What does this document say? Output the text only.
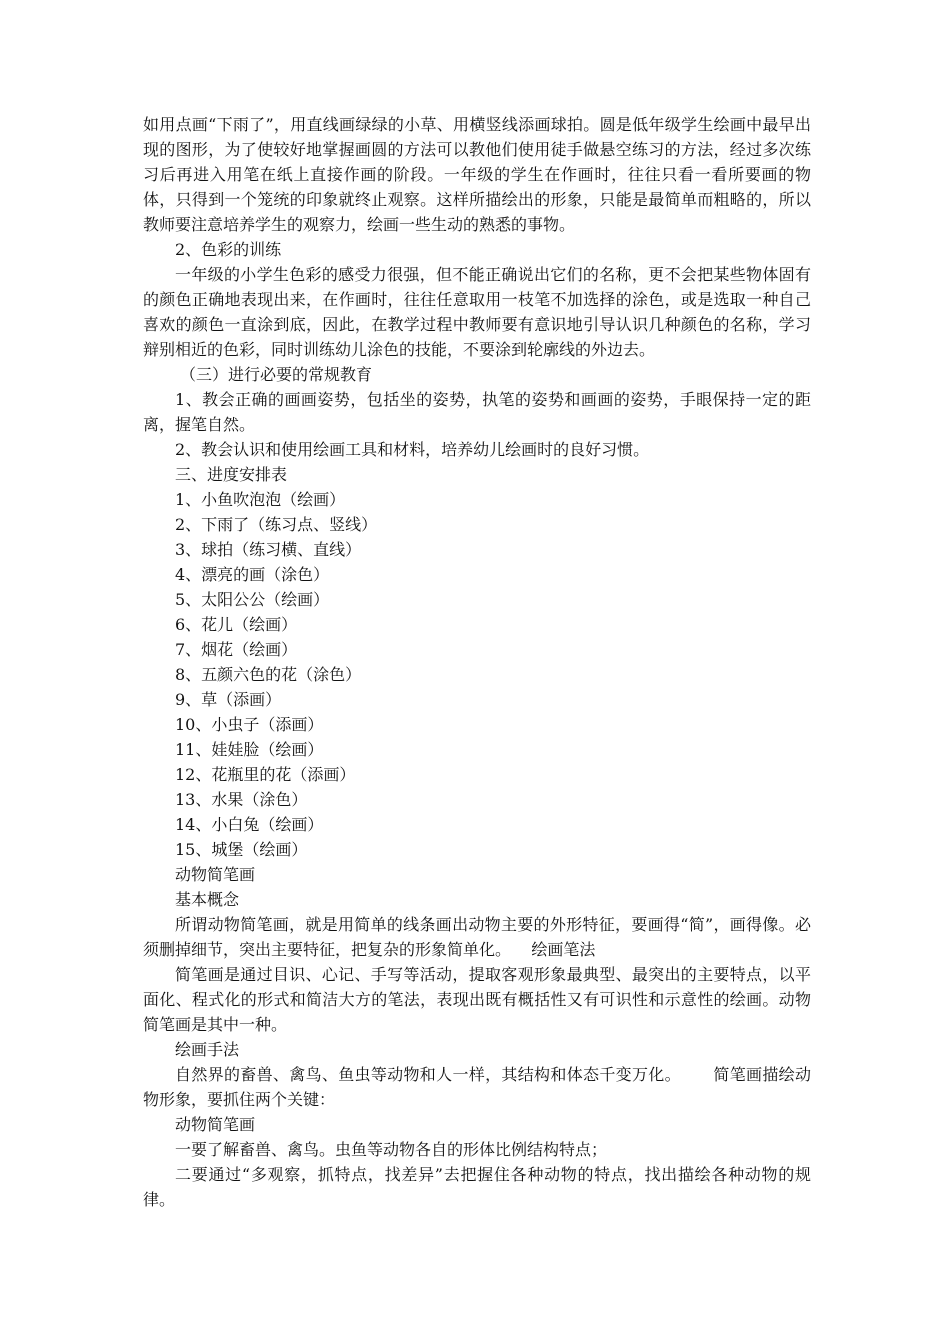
如用点画“下雨了”，用直线画绿绿的小草、用横竖线添画球拍。圆是低年级学生绘画中最早出现的图形，为了使较好地掌握画圆的方法可以教他们使用徒手做悬空练习的方法，经过多次练习后再进入用笔在纸上直接作画的阶段。一年级的学生在作画时，往往只看一看所要画的物体，只得到一个笼统的印象就终止观察。这样所描绘出的形象，只能是最简单而粗略的，所以教师要注意培养学生的观察力，绘画一些生动的熟悉的事物。

2、色彩的训练

一年级的小学生色彩的感受力很强，但不能正确说出它们的名称，更不会把某些物体固有的颜色正确地表现出来，在作画时，往往任意取用一枝笔不加选择的涂色，或是选取一种自己喜欢的颜色一直涂到底，因此，在教学过程中教师要有意识地引导认识几种颜色的名称，学习辩别相近的色彩，同时训练幼儿涂色的技能，不要涂到轮廓线的外边去。

（三）进行必要的常规教育

1、教会正确的画画姿势，包括坐的姿势，执笔的姿势和画画的姿势，手眼保持一定的距离，握笔自然。

2、教会认识和使用绘画工具和材料，培养幼儿绘画时的良好习惯。

三、进度安排表

1、小鱼吹泡泡（绘画）

2、下雨了（练习点、竖线）

3、球拍（练习横、直线）

4、漂亮的画（涂色）

5、太阳公公（绘画）

6、花儿（绘画）

7、烟花（绘画）

8、五颜六色的花（涂色）

9、草（添画）

10、小虫子（添画）

11、娃娃脸（绘画）

12、花瓶里的花（添画）

13、水果（涂色）

14、小白兔（绘画）

15、城堡（绘画）

动物简笔画

基本概念

所谓动物简笔画，就是用简单的线条画出动物主要的外形特征，要画得“简”，画得像。必须删掉细节，突出主要特征，把复杂的形象简单化。    绘画笔法

简笔画是通过目识、心记、手写等活动，提取客观形象最典型、最突出的主要特点，以平面化、程式化的形式和简洁大方的笔法，表现出既有概括性又有可识性和示意性的绘画。动物简笔画是其中一种。

绘画手法

自然界的畜兽、禽鸟、鱼虫等动物和人一样，其结构和体态千变万化。      简笔画描绘动物形象，要抓住两个关键：

动物简笔画

一要了解畜兽、禽鸟。虫鱼等动物各自的形体比例结构特点；

二要通过“多观察，抓特点，找差异”去把握住各种动物的特点，找出描绘各种动物的规律。
